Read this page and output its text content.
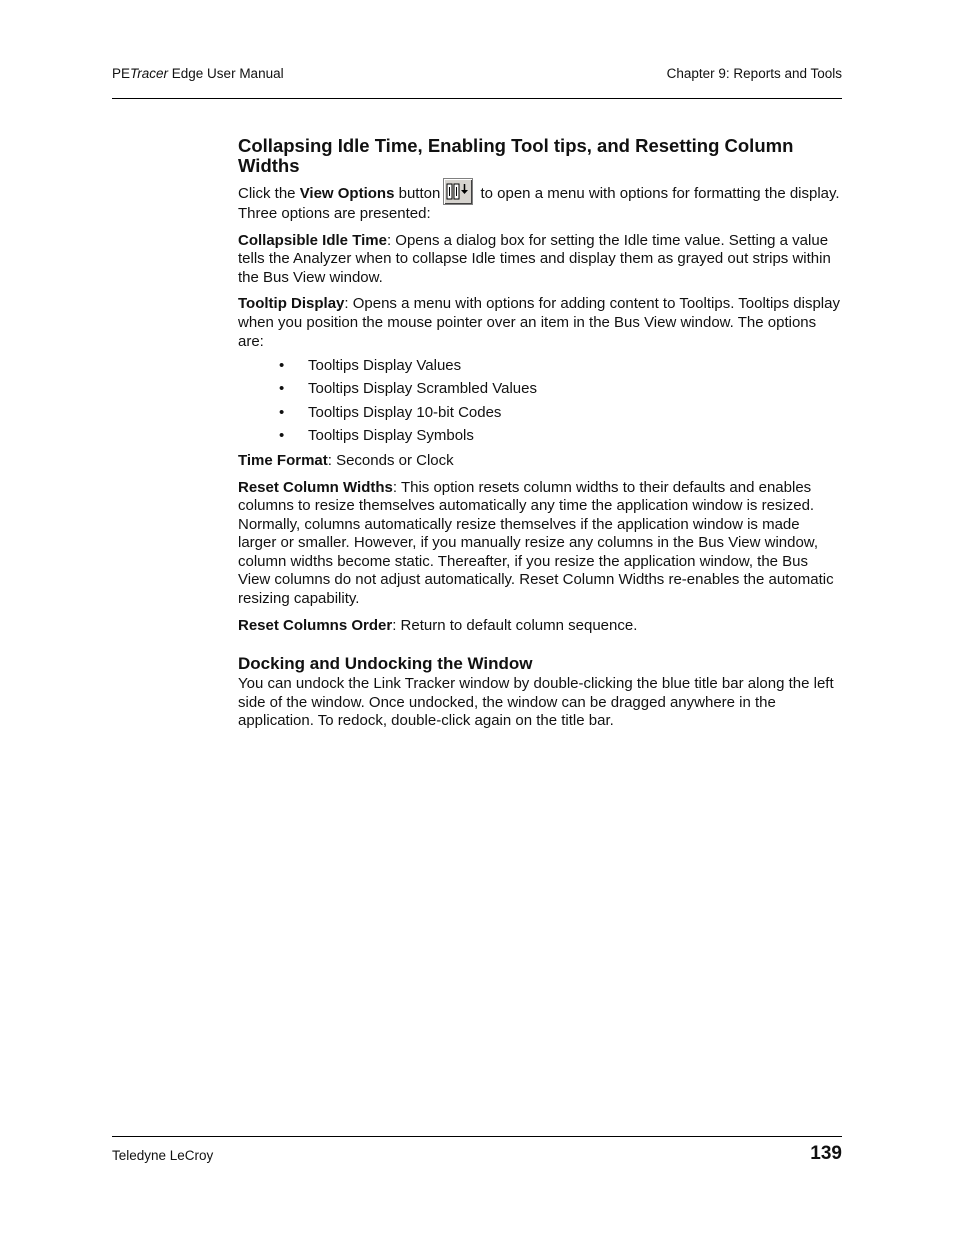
PETracer Edge User Manual	Chapter 9: Reports and Tools
Collapsing Idle Time, Enabling Tool tips, and Resetting Column Widths

Click the View Options button
to open a menu with options for formatting the display. Three options are presented:

Collapsible Idle Time: Opens a dialog box for setting the Idle time value. Setting a value tells the Analyzer when to collapse Idle times and display them as grayed out strips within the Bus View window.

Tooltip Display: Opens a menu with options for adding content to Tooltips. Tooltips display when you position the mouse pointer over an item in the Bus View window. The options are:

• Tooltips Display Values
• Tooltips Display Scrambled Values
• Tooltips Display 10-bit Codes
• Tooltips Display Symbols

Time Format: Seconds or Clock

Reset Column Widths: This option resets column widths to their defaults and enables columns to resize themselves automatically any time the application window is resized. Normally, columns automatically resize themselves if the application window is made larger or smaller. However, if you manually resize any columns in the Bus View window, column widths become static. Thereafter, if you resize the application window, the Bus View columns do not adjust automatically. Reset Column Widths re-enables the automatic resizing capability.

Reset Columns Order: Return to default column sequence.

Docking and Undocking the Window

You can undock the Link Tracker window by double-clicking the blue title bar along the left side of the window. Once undocked, the window can be dragged anywhere in the application. To redock, double-click again on the title bar.

Teledyne LeCroy	139
